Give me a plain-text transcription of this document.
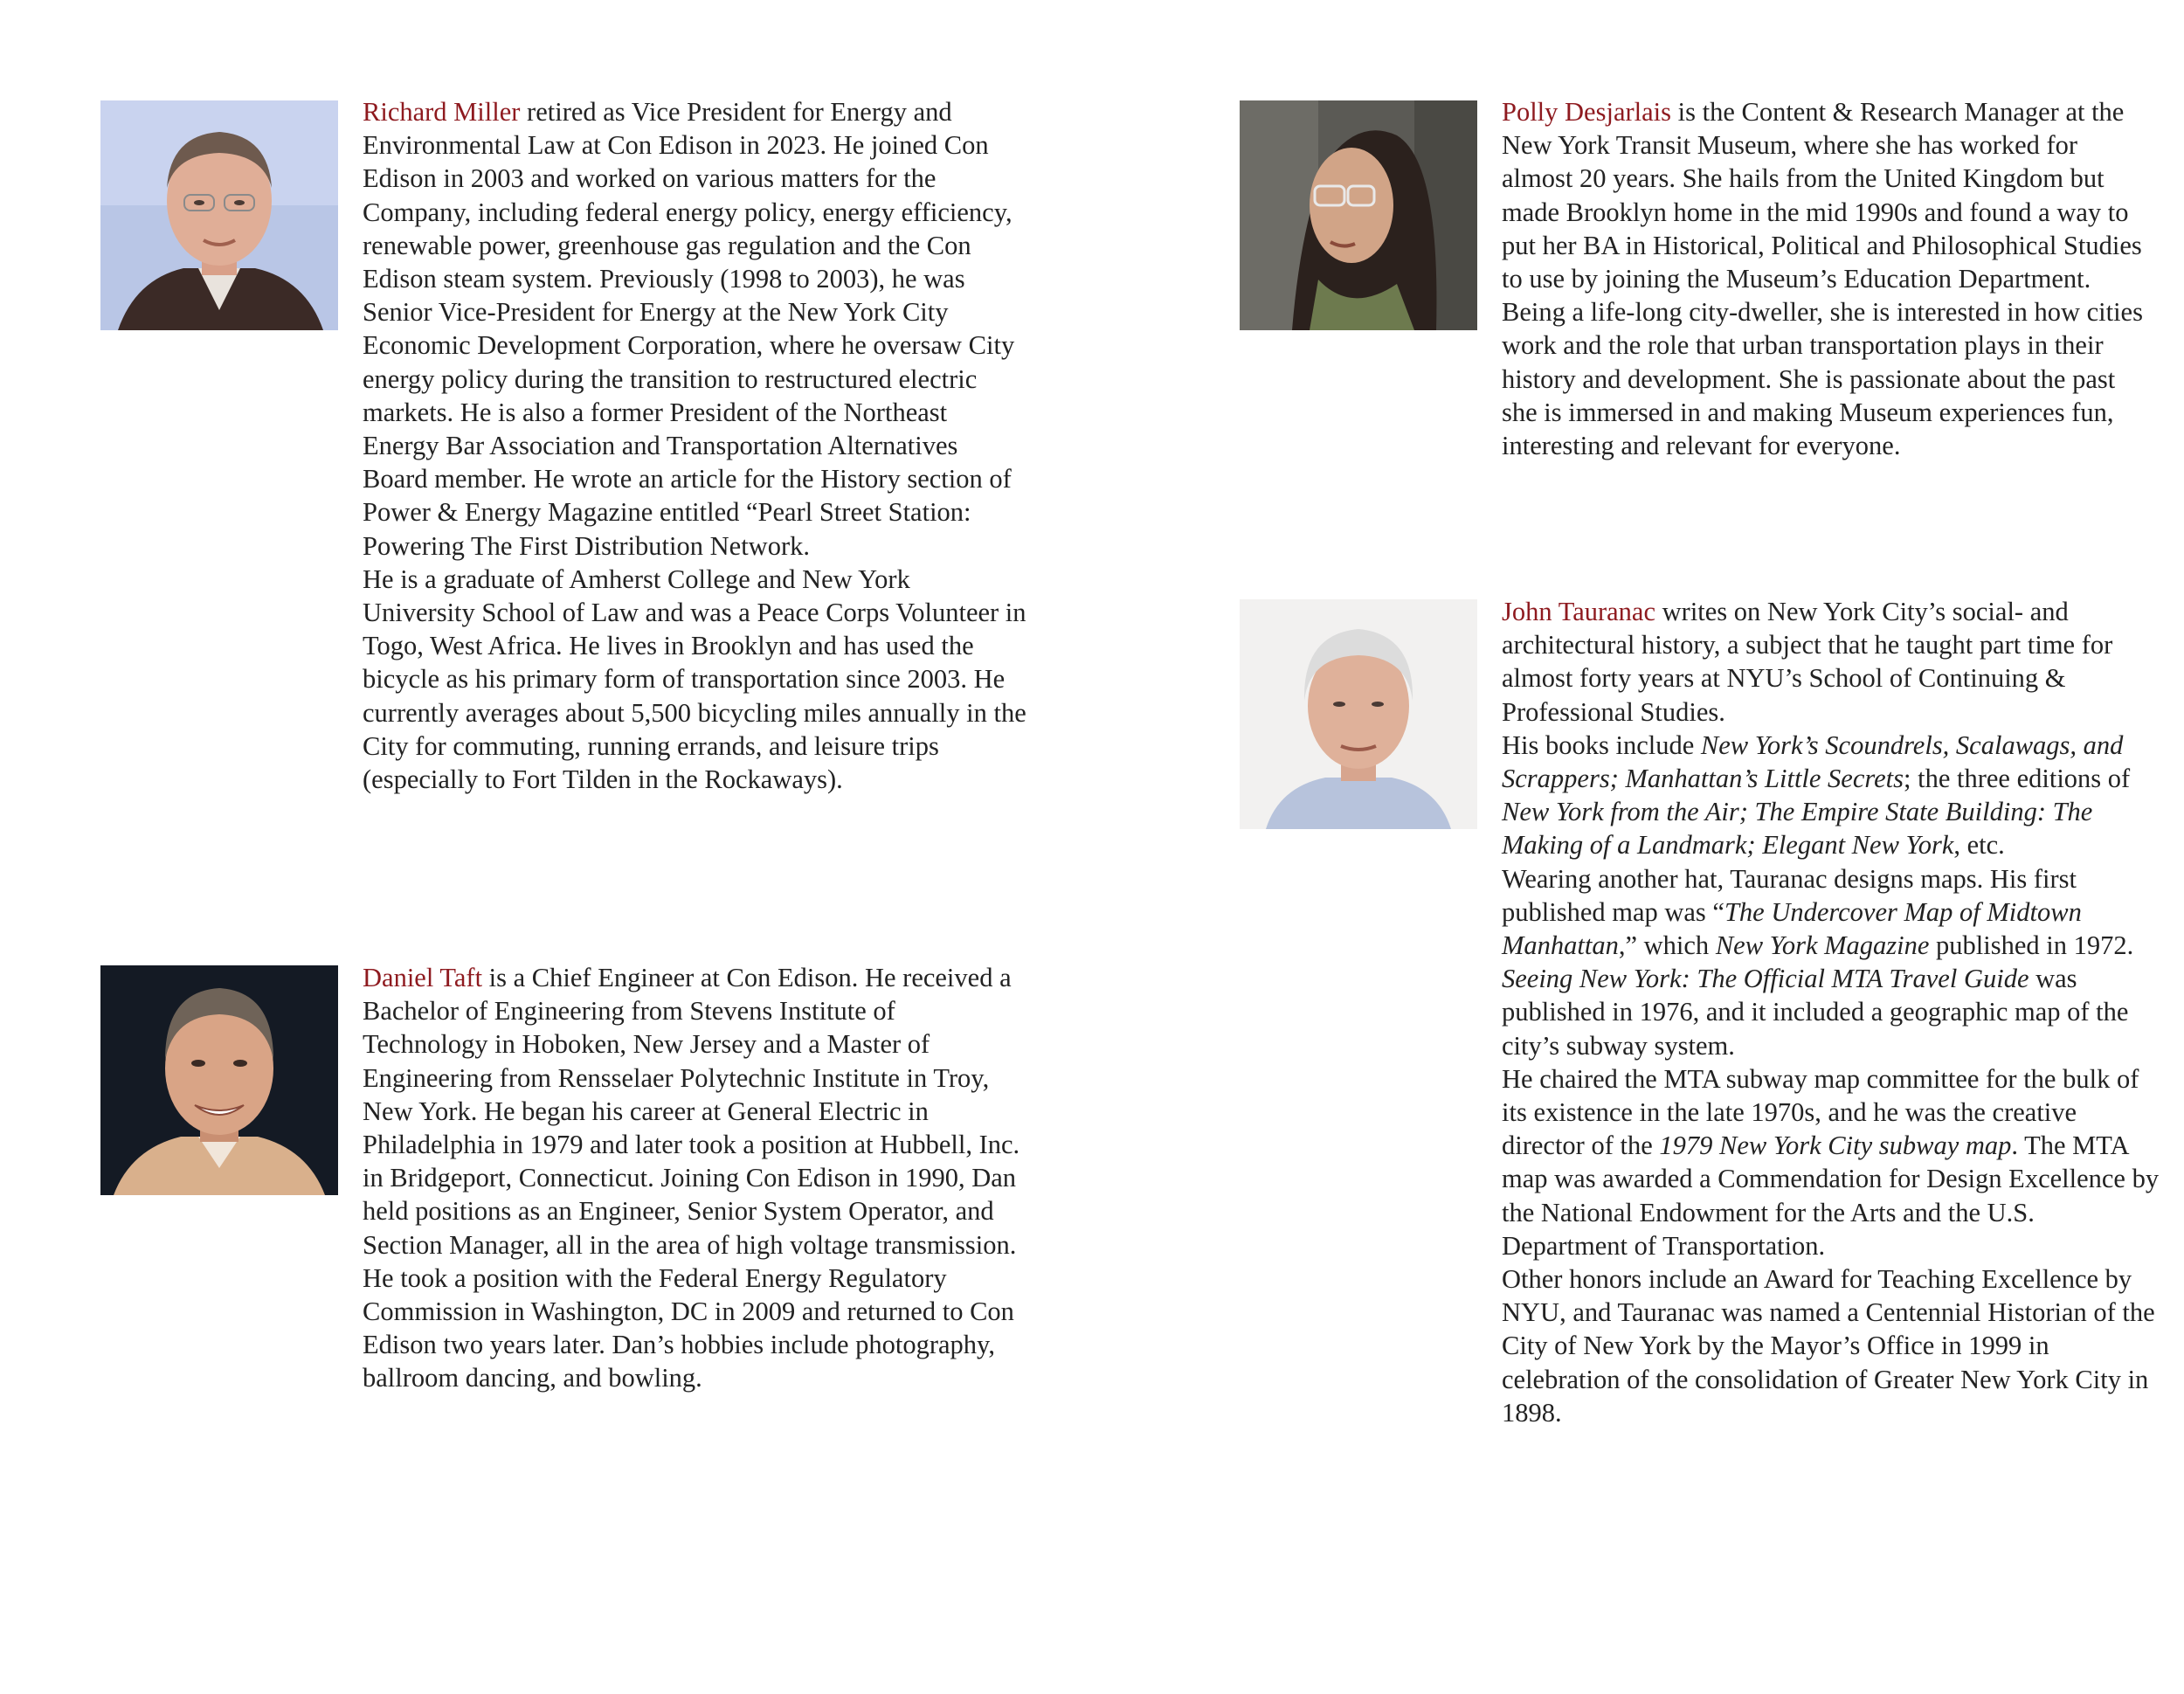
Richard Miller retired as Vice President for Energy and Environmental Law at Con Edison in 2023. He joined Con Edison in 2003 and worked on various matters for the Company, including federal energy policy, energy efficiency, renewable power, greenhouse gas regulation and the Con Edison steam system. Previously (1998 to 2003), he was Senior Vice-President for Energy at the New York City Economic Development Corporation, where he oversaw City energy policy during the transition to restructured electric markets. He is also a former President of the Northeast Energy Bar Association and Transportation Alternatives Board member. He wrote an article for the History section of Power & Energy Magazine entitled “Pearl Street Station: Powering The First Distribution Network.

He is a graduate of Amherst College and New York University School of Law and was a Peace Corps Volunteer in Togo, West Africa. He lives in Brooklyn and has used the bicycle as his primary form of transportation since 2003. He currently averages about 5,500 bicycling miles annually in the City for commuting, running errands, and leisure trips (especially to Fort Tilden in the Rockaways).

Daniel Taft is a Chief Engineer at Con Edison. He received a Bachelor of Engineering from Stevens Institute of Technology in Hoboken, New Jersey and a Master of Engineering from Rensselaer Polytechnic Institute in Troy, New York. He began his career at General Electric in Philadelphia in 1979 and later took a position at Hubbell, Inc. in Bridgeport, Connecticut. Joining Con Edison in 1990, Dan held positions as an Engineer, Senior System Operator, and Section Manager, all in the area of high voltage transmission. He took a position with the Federal Energy Regulatory Commission in Washington, DC in 2009 and returned to Con Edison two years later. Dan’s hobbies include photography, ballroom dancing, and bowling.

Polly Desjarlais is the Content & Research Manager at the New York Transit Museum, where she has worked for almost 20 years. She hails from the United Kingdom but made Brooklyn home in the mid 1990s and found a way to put her BA in Historical, Political and Philosophical Studies to use by joining the Museum’s Education Department. Being a life-long city-dweller, she is interested in how cities work and the role that urban transportation plays in their history and development. She is passionate about the past she is immersed in and making Museum experiences fun, interesting and relevant for everyone.

John Tauranac writes on New York City’s social- and architectural history, a subject that he taught part time for almost forty years at NYU’s School of Continuing & Professional Studies.

His books include New York’s Scoundrels, Scalawags, and Scrappers; Manhattan’s Little Secrets; the three editions of New York from the Air; The Empire State Building: The Making of a Landmark; Elegant New York, etc.

Wearing another hat, Tauranac designs maps. His first published map was “The Undercover Map of Midtown Manhattan,” which New York Magazine published in 1972. Seeing New York: The Official MTA Travel Guide was published in 1976, and it included a geographic map of the city’s subway system.

He chaired the MTA subway map committee for the bulk of its existence in the late 1970s, and he was the creative director of the 1979 New York City subway map. The MTA map was awarded a Commendation for Design Excellence by the National Endowment for the Arts and the U.S. Department of Transportation.

Other honors include an Award for Teaching Excellence by NYU, and Tauranac was named a Centennial Historian of the City of New York by the Mayor’s Office in 1999 in celebration of the consolidation of Greater New York City in 1898.
